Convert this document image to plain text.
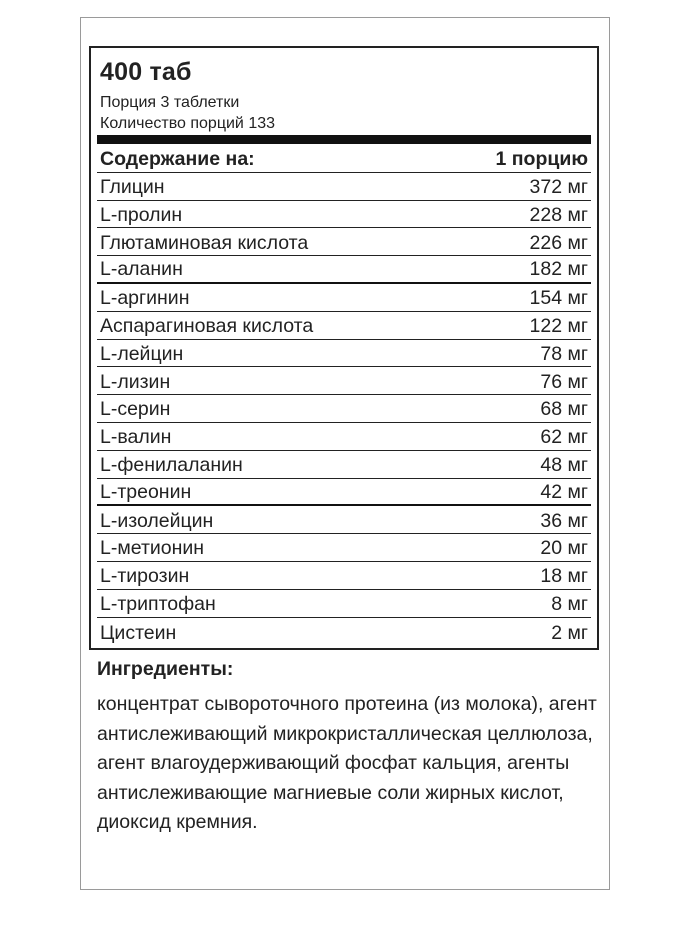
400 таб
Порция 3 таблетки
Количество порций 133
Содержание на:	1 порцию
Глицин	372 мг
L-пролин	228 мг
Глютаминовая кислота	226 мг
L-аланин	182 мг
L-аргинин	154 мг
Аспарагиновая кислота	122 мг
L-лейцин	78 мг
L-лизин	76 мг
L-серин	68 мг
L-валин	62 мг
L-фенилаланин	48 мг
L-треонин	42 мг
L-изолейцин	36 мг
L-метионин	20 мг
L-тирозин	18 мг
L-триптофан	8 мг
Цистеин	2 мг
Ингредиенты:
концентрат сывороточного протеина (из молока), агент антислеживающий микрокристаллическая целлюлоза, агент влагоудерживающий фосфат кальция, агенты антислеживающие магниевые соли жирных кислот, диоксид кремния.
